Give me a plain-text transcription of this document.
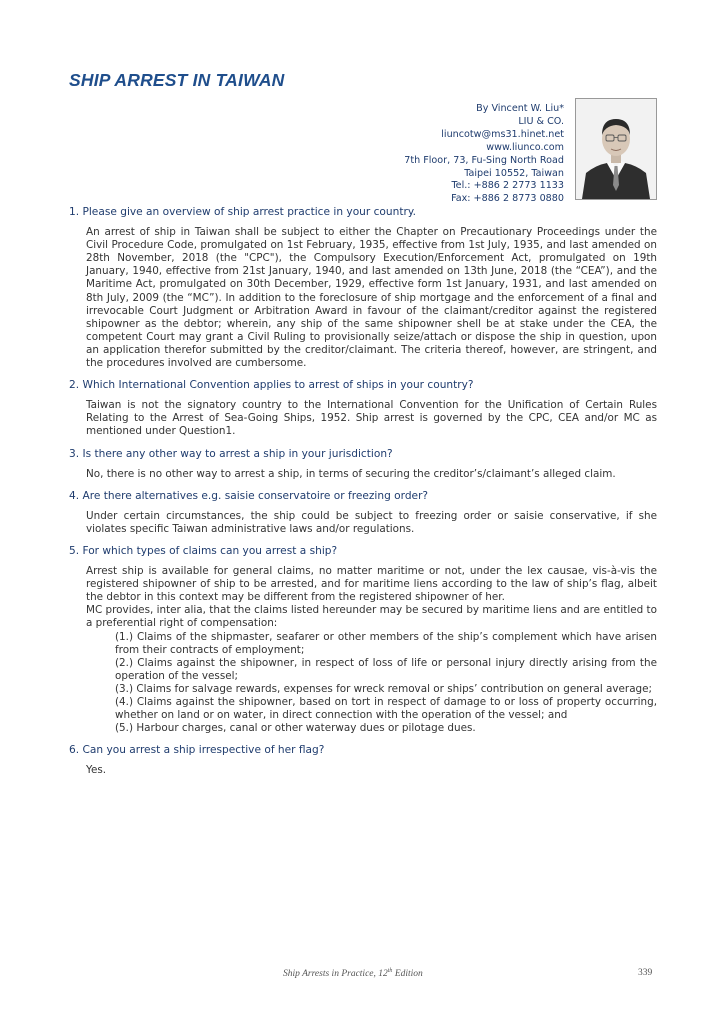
SHIP ARREST IN TAIWAN
By Vincent W. Liu*
LIU & CO.
liuncotw@ms31.hinet.net
www.liunco.com
7th Floor, 73, Fu-Sing North Road
Taipei 10552, Taiwan
Tel.: +886 2 2773 1133
Fax: +886 2 8773 0880
1. Please give an overview of ship arrest practice in your country.

An arrest of ship in Taiwan shall be subject to either the Chapter on Precautionary Proceedings under the Civil Procedure Code, promulgated on 1st February, 1935, effective from 1st July, 1935, and last amended on 28th November, 2018 (the "CPC"), the Compulsory Execution/Enforcement Act, promulgated on 19th January, 1940, effective from 21st January, 1940, and last amended on 13th June, 2018 (the “CEA”), and the Maritime Act, promulgated on 30th December, 1929, effective form 1st January, 1931, and last amended on 8th July, 2009 (the “MC”). In addition to the foreclosure of ship mortgage and the enforcement of a final and irrevocable Court Judgment or Arbitration Award in favour of the claimant/creditor against the registered shipowner as the debtor; wherein, any ship of the same shipowner shell be at stake under the CEA, the competent Court may grant a Civil Ruling to provisionally seize/attach or dispose the ship in question, upon an application therefor submitted by the creditor/claimant. The criteria thereof, however, are stringent, and the procedures involved are cumbersome.

2. Which International Convention applies to arrest of ships in your country?

Taiwan is not the signatory country to the International Convention for the Unification of Certain Rules Relating to the Arrest of Sea-Going Ships, 1952. Ship arrest is governed by the CPC, CEA and/or MC as mentioned under Question1.

3. Is there any other way to arrest a ship in your jurisdiction?

No, there is no other way to arrest a ship, in terms of securing the creditor’s/claimant’s alleged claim.

4. Are there alternatives e.g. saisie conservatoire or freezing order?

Under certain circumstances, the ship could be subject to freezing order or saisie conservative, if she violates specific Taiwan administrative laws and/or regulations.

5. For which types of claims can you arrest a ship?

Arrest ship is available for general claims, no matter maritime or not, under the lex causae, vis-à-vis the registered shipowner of ship to be arrested, and for maritime liens according to the law of ship’s flag, albeit the debtor in this context may be different from the registered shipowner of her.

MC provides, inter alia, that the claims listed hereunder may be secured by maritime liens and are entitled to a preferential right of compensation:

(1.) Claims of the shipmaster, seafarer or other members of the ship’s complement which have arisen from their contracts of employment;
(2.) Claims against the shipowner, in respect of loss of life or personal injury directly arising from the operation of the vessel;
(3.) Claims for salvage rewards, expenses for wreck removal or ships’ contribution on general average;
(4.) Claims against the shipowner, based on tort in respect of damage to or loss of property occurring, whether on land or on water, in direct connection with the operation of the vessel; and
(5.) Harbour charges, canal or other waterway dues or pilotage dues.
6. Can you arrest a ship irrespective of her flag?

Yes.

Ship Arrests in Practice, 12th Edition	339
